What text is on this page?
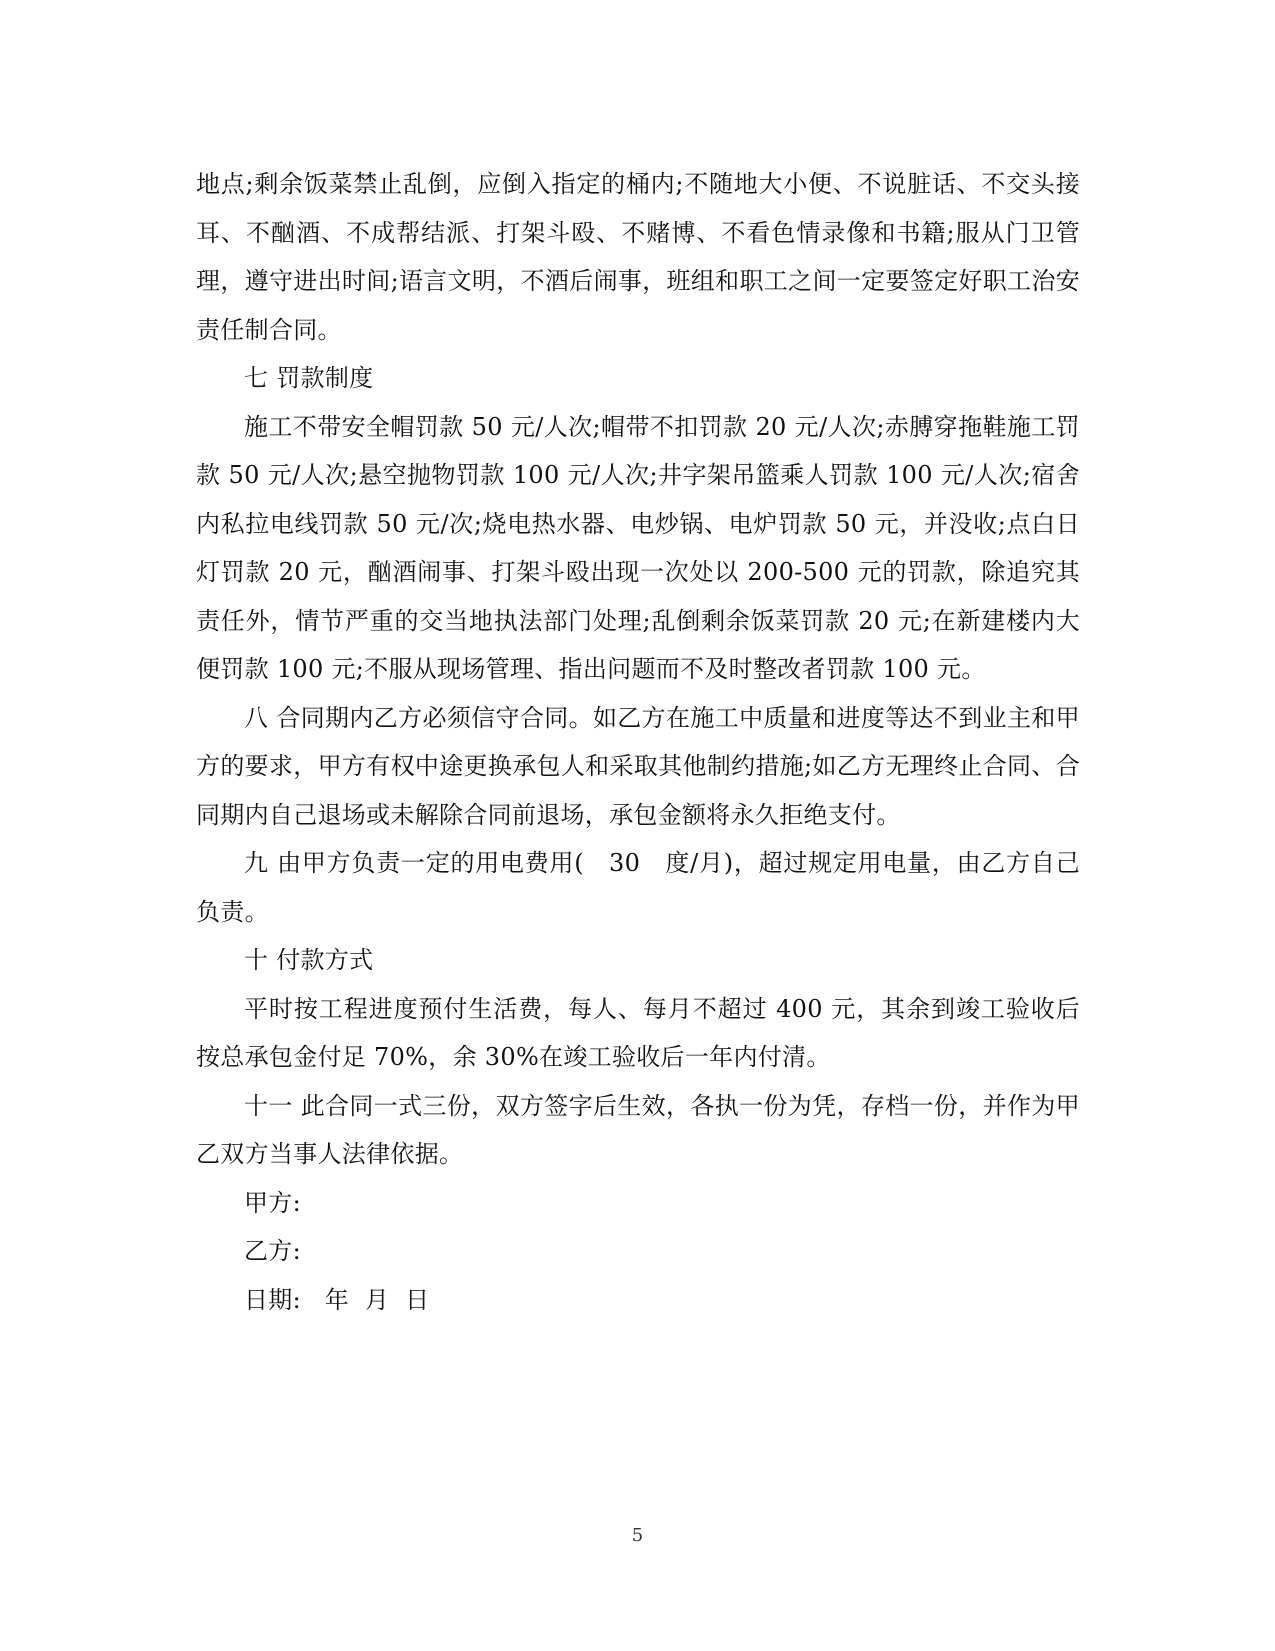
地点;剩余饭菜禁止乱倒，应倒入指定的桶内;不随地大小便、不说脏话、不交头接耳、不酗酒、不成帮结派、打架斗殴、不赌博、不看色情录像和书籍;服从门卫管理，遵守进出时间;语言文明，不酒后闹事，班组和职工之间一定要签定好职工治安责任制合同。

七 罚款制度

施工不带安全帽罚款 50 元/人次;帽带不扣罚款 20 元/人次;赤膊穿拖鞋施工罚款 50 元/人次;悬空抛物罚款 100 元/人次;井字架吊篮乘人罚款 100 元/人次;宿舍内私拉电线罚款 50 元/次;烧电热水器、电炒锅、电炉罚款 50 元，并没收;点白日灯罚款 20 元，酗酒闹事、打架斗殴出现一次处以 200-500 元的罚款，除追究其责任外，情节严重的交当地执法部门处理;乱倒剩余饭菜罚款 20 元;在新建楼内大便罚款 100 元;不服从现场管理、指出问题而不及时整改者罚款 100 元。

八 合同期内乙方必须信守合同。如乙方在施工中质量和进度等达不到业主和甲方的要求，甲方有权中途更换承包人和采取其他制约措施;如乙方无理终止合同、合同期内自己退场或未解除合同前退场，承包金额将永久拒绝支付。

九 由甲方负责一定的用电费用(   30   度/月)，超过规定用电量，由乙方自己负责。

十 付款方式

平时按工程进度预付生活费，每人、每月不超过 400 元，其余到竣工验收后按总承包金付足 70%，余 30%在竣工验收后一年内付清。

十一 此合同一式三份，双方签字后生效，各执一份为凭，存档一份，并作为甲乙双方当事人法律依据。

甲方:

乙方:

日期:   年  月  日

5
